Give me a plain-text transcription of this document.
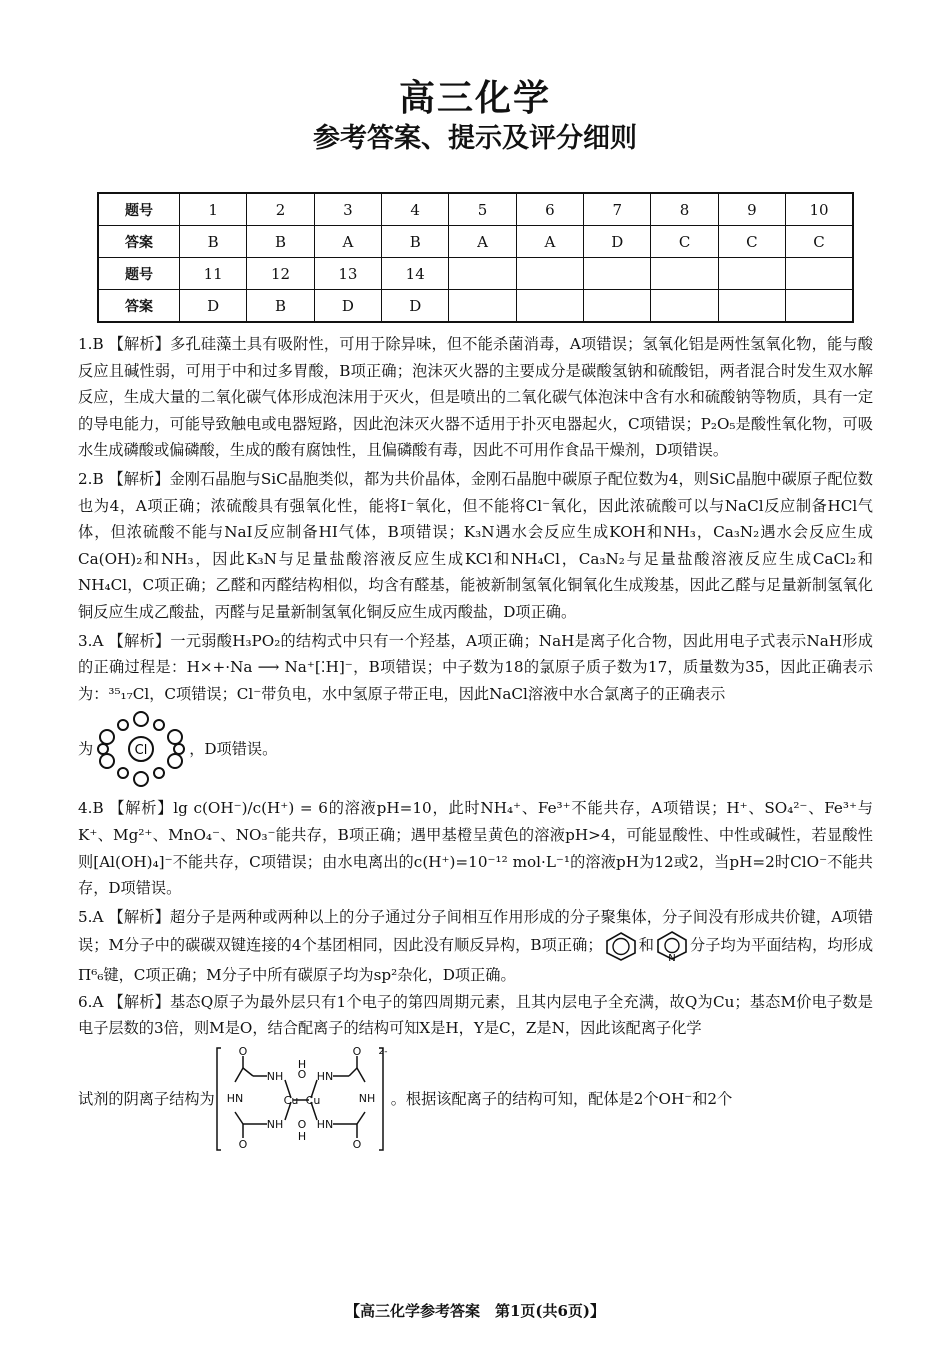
高三化学
参考答案、提示及评分细则
题号	1	2	3	4	5	6	7	8	9	10
答案	B	B	A	B	A	A	D	C	C	C
题号	11	12	13	14						
答案	D	B	D	D						

1.B 【解析】多孔硅藻土具有吸附性，可用于除异味，但不能杀菌消毒，A项错误；氢氧化铝是两性氢氧化物，能与酸反应且碱性弱，可用于中和过多胃酸，B项正确；泡沫灭火器的主要成分是碳酸氢钠和硫酸铝，两者混合时发生双水解反应，生成大量的二氧化碳气体形成泡沫用于灭火，但是喷出的二氧化碳气体泡沫中含有水和硫酸钠等物质，具有一定的导电能力，可能导致触电或电器短路，因此泡沫灭火器不适用于扑灭电器起火，C项错误；P₂O₅是酸性氧化物，可吸水生成磷酸或偏磷酸，生成的酸有腐蚀性，且偏磷酸有毒，因此不可用作食品干燥剂，D项错误。

2.B 【解析】金刚石晶胞与SiC晶胞类似，都为共价晶体，金刚石晶胞中碳原子配位数为4，则SiC晶胞中碳原子配位数也为4，A项正确；浓硫酸具有强氧化性，能将I⁻氧化，但不能将Cl⁻氧化，因此浓硫酸可以与NaCl反应制备HCl气体，但浓硫酸不能与NaI反应制备HI气体，B项错误；K₃N遇水会反应生成KOH和NH₃，Ca₃N₂遇水会反应生成Ca(OH)₂和NH₃，因此K₃N与足量盐酸溶液反应生成KCl和NH₄Cl，Ca₃N₂与足量盐酸溶液反应生成CaCl₂和NH₄Cl，C项正确；乙醛和丙醛结构相似，均含有醛基，能被新制氢氧化铜氧化生成羧基，因此乙醛与足量新制氢氧化铜反应生成乙酸盐，丙醛与足量新制氢氧化铜反应生成丙酸盐，D项正确。

3.A 【解析】一元弱酸H₃PO₂的结构式中只有一个羟基，A项正确；NaH是离子化合物，因此用电子式表示NaH形成的正确过程是：H×+·Na ⟶ Na⁺[⁚H]⁻，B项错误；中子数为18的氯原子质子数为17，质量数为35，因此正确表示为：³⁵₁₇Cl，C项错误；Cl⁻带负电，水中氢原子带正电，因此NaCl溶液中水合氯离子的正确表示

为	Cl	，D项错误。

4.B 【解析】lg c(OH⁻)/c(H⁺) = 6的溶液pH=10，此时NH₄⁺、Fe³⁺不能共存，A项错误；H⁺、SO₄²⁻、Fe³⁺与K⁺、Mg²⁺、MnO₄⁻、NO₃⁻能共存，B项正确；遇甲基橙呈黄色的溶液pH>4，可能显酸性、中性或碱性，若显酸性则[Al(OH)₄]⁻不能共存，C项错误；由水电离出的c(H⁺)=10⁻¹² mol·L⁻¹的溶液pH为12或2，当pH=2时ClO⁻不能共存，D项错误。

5.A 【解析】超分子是两种或两种以上的分子通过分子间相互作用形成的分子聚集体，分子间没有形成共价键，A项错误；M分子中的碳碳双键连接的4个基团相同，因此没有顺反异构，B项正确； 和
N
分子均为平面结构，均形成Π⁶₆键，C项正确；M分子中所有碳原子均为sp²杂化，D项正确。

6.A 【解析】基态Q原子为最外层只有1个电子的第四周期元素，且其内层电子全充满，故Q为Cu；基态M价电子数是电子层数的3倍，则M是O，结合配离子的结构可知X是H，Y是C，Z是N，因此该配离子化学

试剂的阴离子结构为
O
O
O
O
NH
NH
HN
HN
HN
NH
Cu Cu
O
H
O
H
2-
。根据该配离子的结构可知，配体是2个OH⁻和2个
【高三化学参考答案　第1页(共6页)】
